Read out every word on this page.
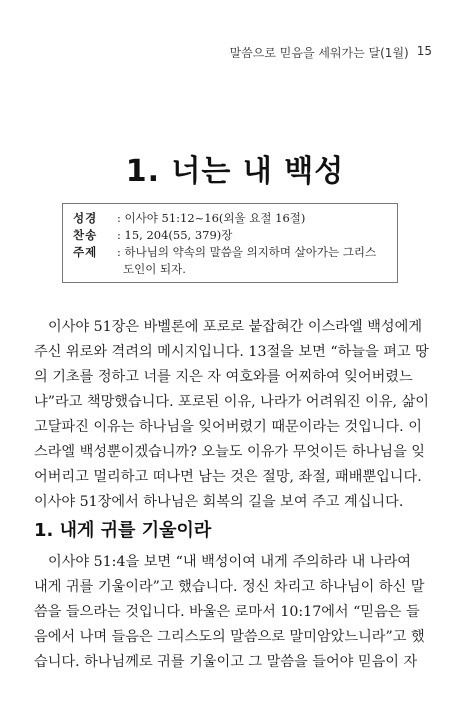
말씀으로 믿음을 세워가는 달(1월) 15
1. 너는 내 백성
성경	: 이사야 51:12~16(외울 요절 16절)
찬송	: 15, 204(55, 379)장
주제	: 하나님의 약속의 말씀을 의지하며 살아가는 그리스
도인이 되자.
이사야 51장은 바벨론에 포로로 붙잡혀간 이스라엘 백성에게
주신 위로와 격려의 메시지입니다. 13절을 보면 “하늘을 펴고 땅
의 기초를 정하고 너를 지은 자 여호와를 어찌하여 잊어버렸느
냐”라고 책망했습니다. 포로된 이유, 나라가 어려워진 이유, 삶이
고달파진 이유는 하나님을 잊어버렸기 때문이라는 것입니다. 이
스라엘 백성뿐이겠습니까? 오늘도 이유가 무엇이든 하나님을 잊
어버리고 멀리하고 떠나면 남는 것은 절망, 좌절, 패배뿐입니다.
이사야 51장에서 하나님은 회복의 길을 보여 주고 계십니다.
1. 내게 귀를 기울이라
이사야 51:4을 보면 “내 백성이여 내게 주의하라 내 나라여
내게 귀를 기울이라”고 했습니다. 정신 차리고 하나님이 하신 말
씀을 들으라는 것입니다. 바울은 로마서 10:17에서 “믿음은 들
음에서 나며 들음은 그리스도의 말씀으로 말미암았느니라”고 했
습니다. 하나님께로 귀를 기울이고 그 말씀을 들어야 믿음이 자
